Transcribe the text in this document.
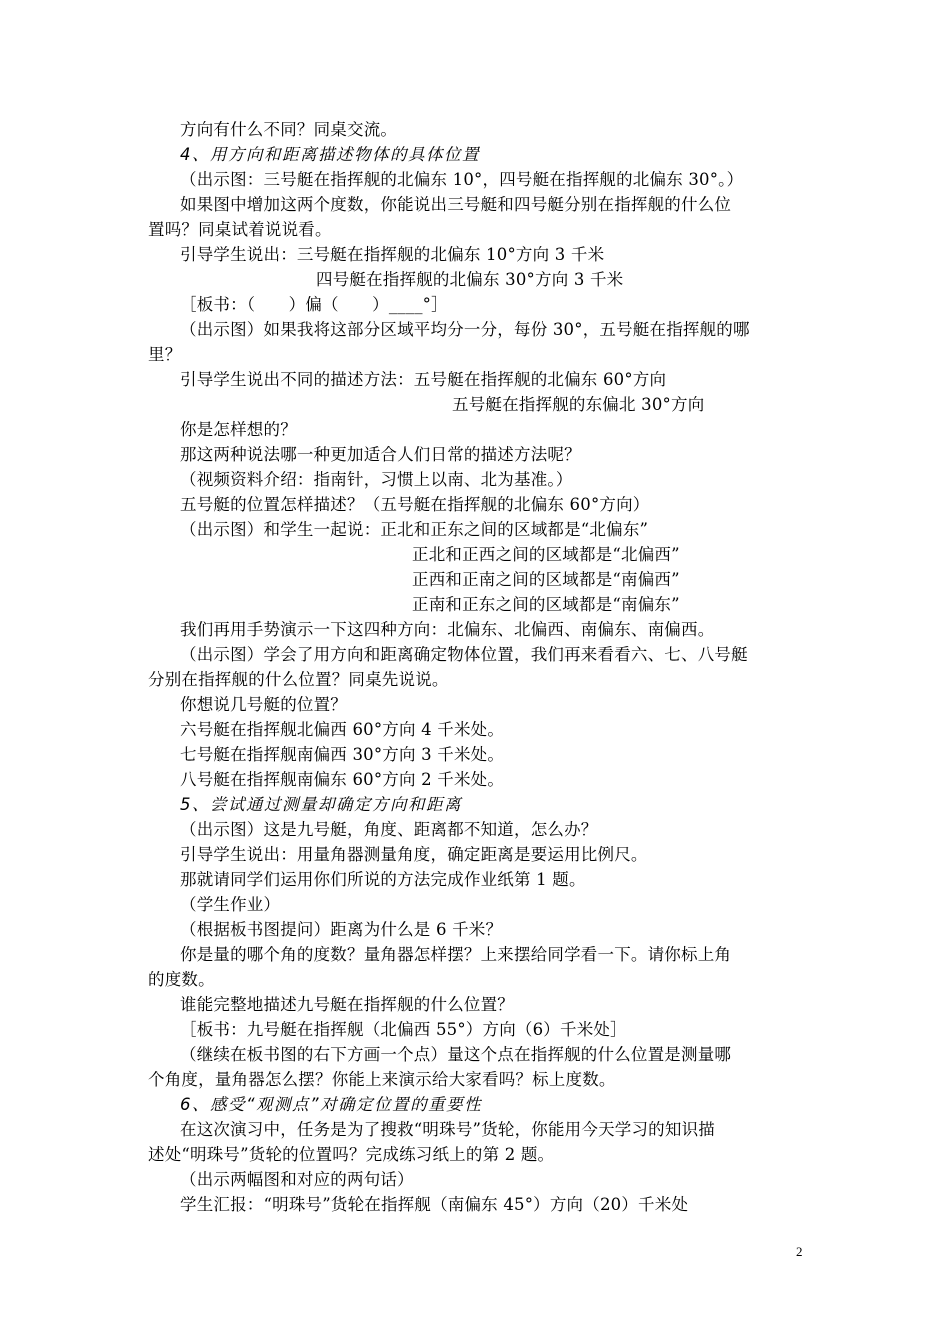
方向有什么不同？同桌交流。
4、用方向和距离描述物体的具体位置
（出示图：三号艇在指挥舰的北偏东 10°，四号艇在指挥舰的北偏东 30°。）
如果图中增加这两个度数，你能说出三号艇和四号艇分别在指挥舰的什么位
置吗？同桌试着说说看。
引导学生说出：三号艇在指挥舰的北偏东 10°方向 3 千米
四号艇在指挥舰的北偏东 30°方向 3 千米
［板书：（　　）偏（　　）____°］
（出示图）如果我将这部分区域平均分一分，每份 30°，五号艇在指挥舰的哪
里？
引导学生说出不同的描述方法：五号艇在指挥舰的北偏东 60°方向
五号艇在指挥舰的东偏北 30°方向
你是怎样想的？
那这两种说法哪一种更加适合人们日常的描述方法呢？
（视频资料介绍：指南针，习惯上以南、北为基准。）
五号艇的位置怎样描述？（五号艇在指挥舰的北偏东 60°方向）
（出示图）和学生一起说：正北和正东之间的区域都是“北偏东”
正北和正西之间的区域都是“北偏西”
正西和正南之间的区域都是“南偏西”
正南和正东之间的区域都是“南偏东”
我们再用手势演示一下这四种方向：北偏东、北偏西、南偏东、南偏西。
（出示图）学会了用方向和距离确定物体位置，我们再来看看六、七、八号艇
分别在指挥舰的什么位置？同桌先说说。
你想说几号艇的位置？
六号艇在指挥舰北偏西 60°方向 4 千米处。
七号艇在指挥舰南偏西 30°方向 3 千米处。
八号艇在指挥舰南偏东 60°方向 2 千米处。
5、尝试通过测量却确定方向和距离
（出示图）这是九号艇，角度、距离都不知道，怎么办？
引导学生说出：用量角器测量角度，确定距离是要运用比例尺。
那就请同学们运用你们所说的方法完成作业纸第 1 题。
（学生作业）
（根据板书图提问）距离为什么是 6 千米？
你是量的哪个角的度数？量角器怎样摆？上来摆给同学看一下。请你标上角
的度数。
谁能完整地描述九号艇在指挥舰的什么位置？
［板书：九号艇在指挥舰（北偏西 55°）方向（6）千米处］
（继续在板书图的右下方画一个点）量这个点在指挥舰的什么位置是测量哪
个角度，量角器怎么摆？你能上来演示给大家看吗？标上度数。
6、感受“观测点”对确定位置的重要性
在这次演习中，任务是为了搜救“明珠号”货轮，你能用今天学习的知识描
述处“明珠号”货轮的位置吗？完成练习纸上的第 2 题。
（出示两幅图和对应的两句话）
学生汇报：“明珠号”货轮在指挥舰（南偏东 45°）方向（20）千米处
2
